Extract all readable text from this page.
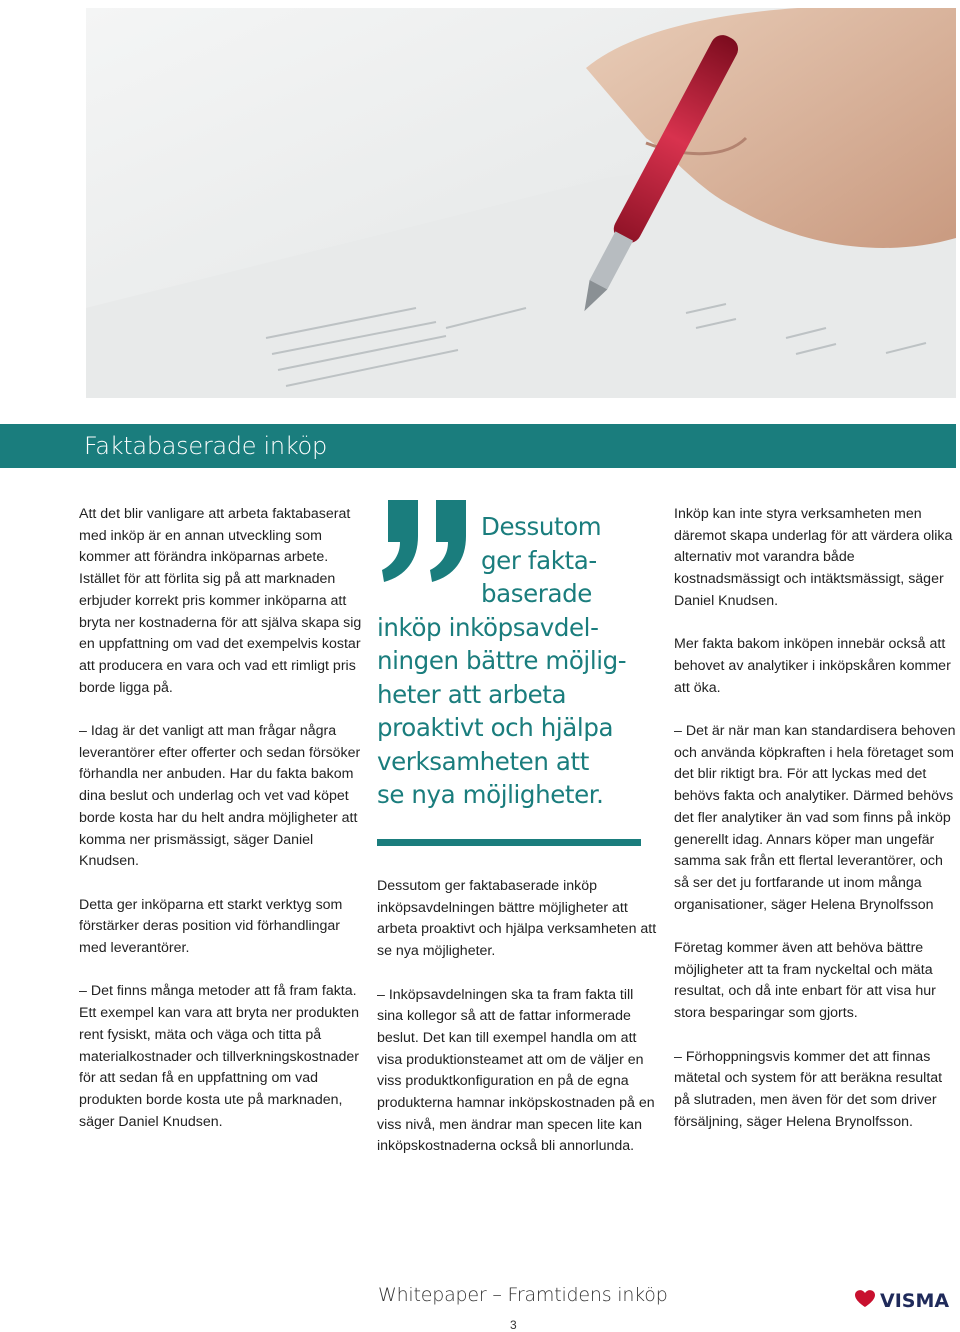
Faktabaserade inköp

Att det blir vanligare att arbeta faktabaserat med inköp är en annan utveckling som kommer att förändra inköparnas arbete. Istället för att förlita sig på att marknaden erbjuder korrekt pris kommer inköparna att bryta ner kostnaderna för att själva skapa sig en uppfattning om vad det exempelvis kostar att producera en vara och vad ett rimligt pris borde ligga på.

– Idag är det vanligt att man frågar några leverantörer efter offerter och sedan försöker förhandla ner anbuden. Har du fakta bakom dina beslut och underlag och vet vad köpet borde kosta har du helt andra möjligheter att komma ner prismässigt, säger Daniel Knudsen.

Detta ger inköparna ett starkt verktyg som förstärker deras position vid förhandlingar med leverantörer.

– Det finns många metoder att få fram fakta. Ett exempel kan vara att bryta ner produkten rent fysiskt, mäta och väga och titta på materialkostnader och tillverkningskostnader för att sedan få en uppfattning om vad produkten borde kosta ute på marknaden, säger Daniel Knudsen.

Dessutom
ger fakta-
baserade
inköp inköpsavdel-
ningen bättre möjlig-
heter att arbeta
proaktivt och hjälpa
verksamheten att
se nya möjligheter.

Dessutom ger faktabaserade inköp inköpsavdelningen bättre möjligheter att arbeta proaktivt och hjälpa verksamheten att se nya möjligheter.

– Inköpsavdelningen ska ta fram fakta till sina kollegor så att de fattar informerade beslut. Det kan till exempel handla om att visa produktionsteamet att om de väljer en viss produktkonfiguration en på de egna produkterna hamnar inköpskostnaden på en viss nivå, men ändrar man specen lite kan inköpskostnaderna också bli annorlunda.

Inköp kan inte styra verksamheten men däremot skapa underlag för att värdera olika alternativ mot varandra både kostnadsmässigt och intäktsmässigt, säger Daniel Knudsen.

Mer fakta bakom inköpen innebär också att behovet av analytiker i inköpskåren kommer att öka.

– Det är när man kan standardisera behoven och använda köpkraften i hela företaget som det blir riktigt bra. För att lyckas med det behövs fakta och analytiker. Därmed behövs det fler analytiker än vad som finns på inköp generellt idag. Annars köper man ungefär samma sak från ett flertal leverantörer, och så ser det ju fortfarande ut inom många organisationer, säger Helena Brynolfsson

Företag kommer även att behöva bättre möjligheter att ta fram nyckeltal och mäta resultat, och då inte enbart för att visa hur stora besparingar som gjorts.

– Förhoppningsvis kommer det att finnas mätetal och system för att beräkna resultat på slutraden, men även för det som driver försäljning, säger Helena Brynolfsson.

Whitepaper – Framtidens inköp
3
VISMA
